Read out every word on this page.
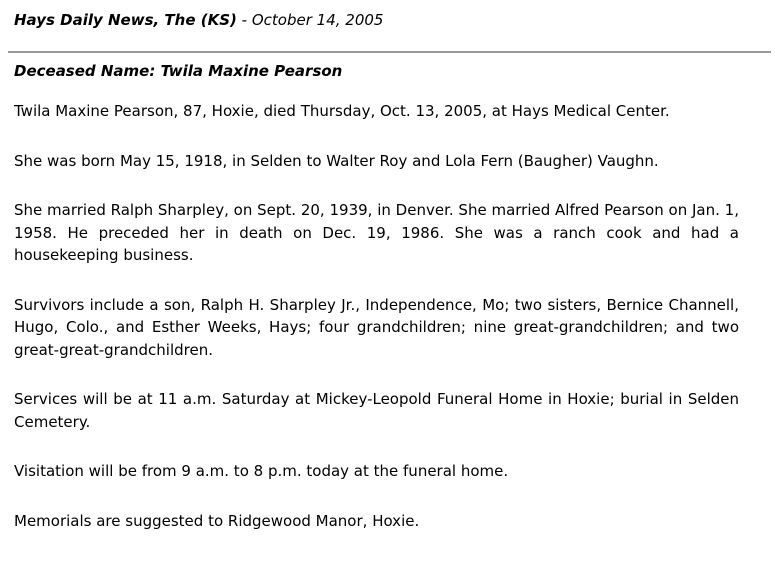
Hays Daily News, The (KS) - October 14, 2005
Deceased Name: Twila Maxine Pearson

Twila Maxine Pearson, 87, Hoxie, died Thursday, Oct. 13, 2005, at Hays Medical Center.

She was born May 15, 1918, in Selden to Walter Roy and Lola Fern (Baugher) Vaughn.

She married Ralph Sharpley, on Sept. 20, 1939, in Denver. She married Alfred Pearson on Jan. 1, 1958. He preceded her in death on Dec. 19, 1986. She was a ranch cook and had a housekeeping business.

Survivors include a son, Ralph H. Sharpley Jr., Independence, Mo; two sisters, Bernice Channell, Hugo, Colo., and Esther Weeks, Hays; four grandchildren; nine great-grandchildren; and two great-great-grandchildren.

Services will be at 11 a.m. Saturday at Mickey-Leopold Funeral Home in Hoxie; burial in Selden Cemetery.

Visitation will be from 9 a.m. to 8 p.m. today at the funeral home.

Memorials are suggested to Ridgewood Manor, Hoxie.
